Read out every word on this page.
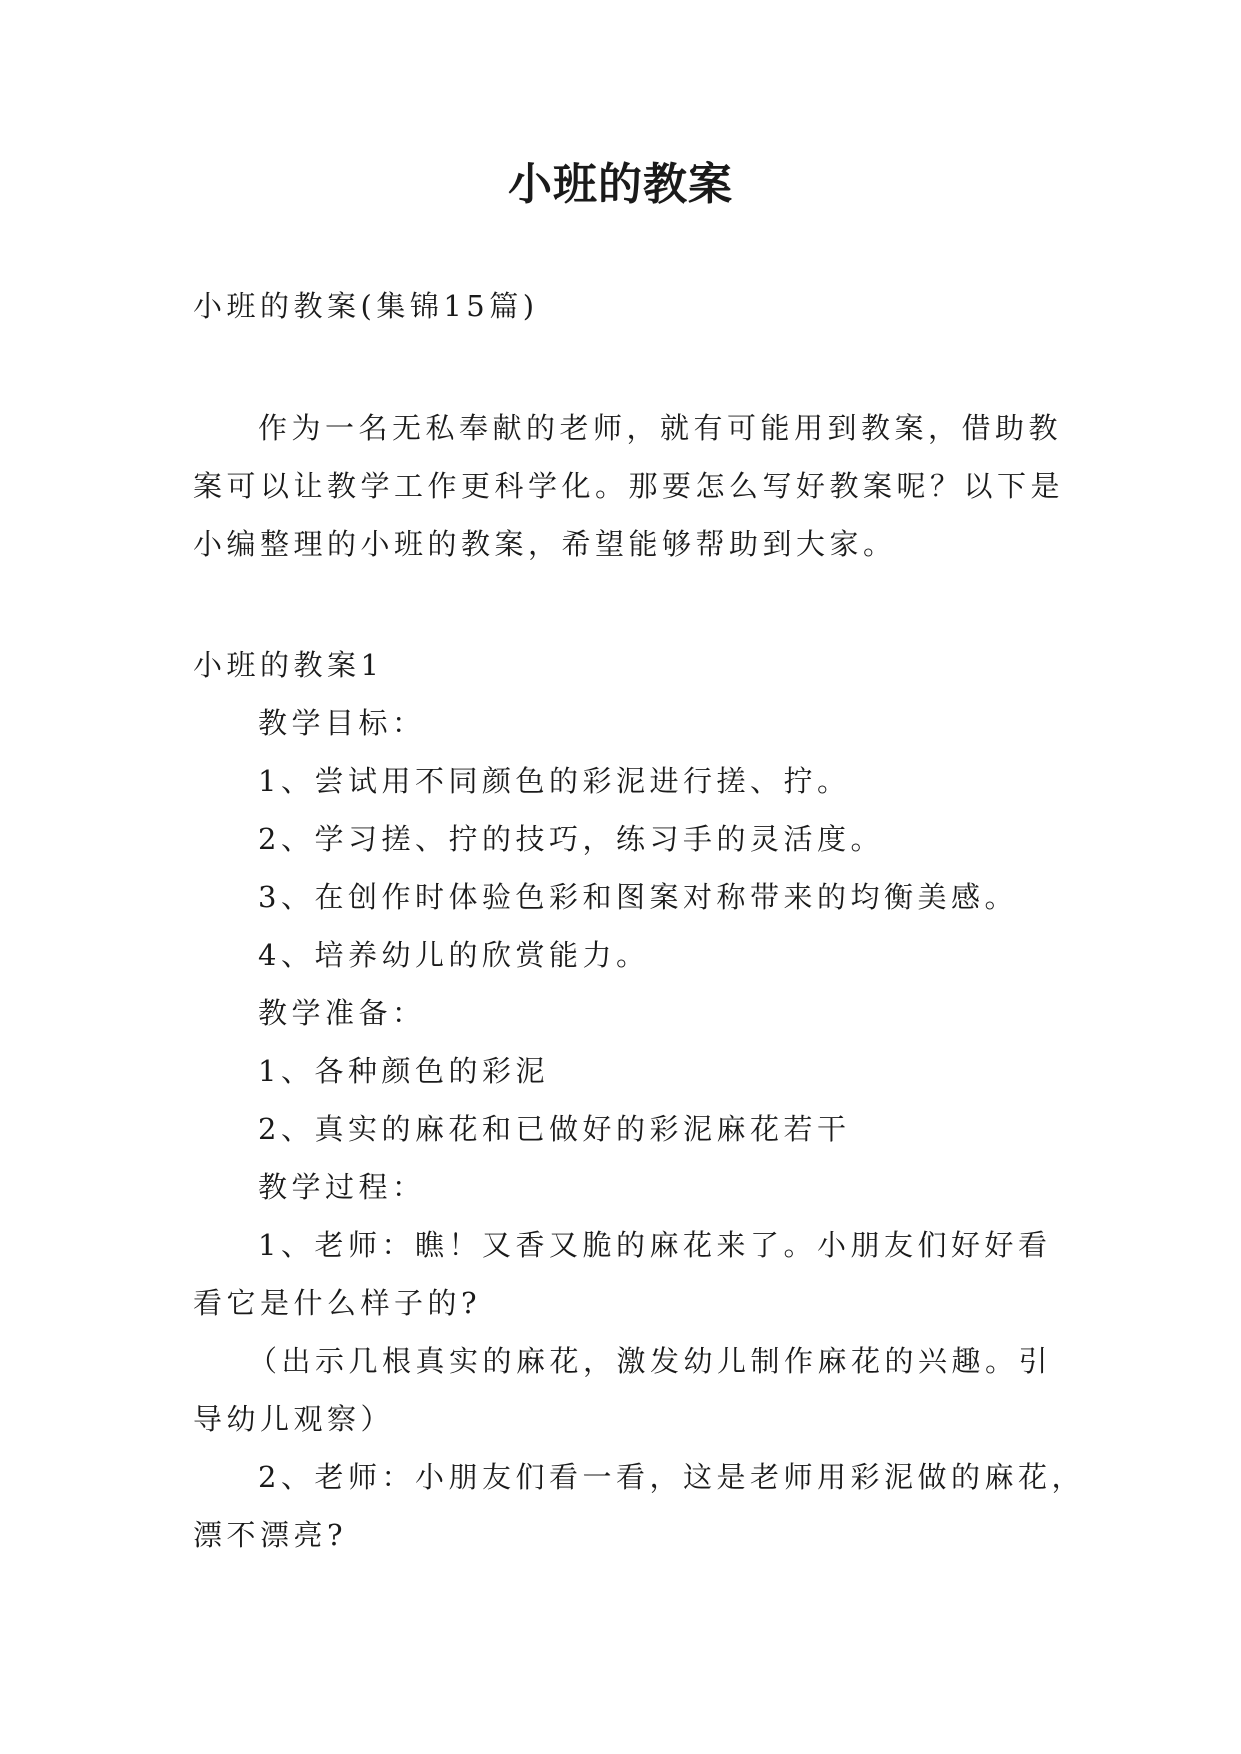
小班的教案

小班的教案(集锦15篇)

作为一名无私奉献的老师，就有可能用到教案，借助教

案可以让教学工作更科学化。那要怎么写好教案呢？以下是

小编整理的小班的教案，希望能够帮助到大家。

小班的教案1

教学目标：

1、尝试用不同颜色的彩泥进行搓、拧。

2、学习搓、拧的技巧，练习手的灵活度。

3、在创作时体验色彩和图案对称带来的均衡美感。

4、培养幼儿的欣赏能力。

教学准备：

1、各种颜色的彩泥

2、真实的麻花和已做好的彩泥麻花若干

教学过程：

1、老师：瞧！又香又脆的麻花来了。小朋友们好好看

看它是什么样子的?

（出示几根真实的麻花，激发幼儿制作麻花的兴趣。引

导幼儿观察）

2、老师：小朋友们看一看，这是老师用彩泥做的麻花，

漂不漂亮?
